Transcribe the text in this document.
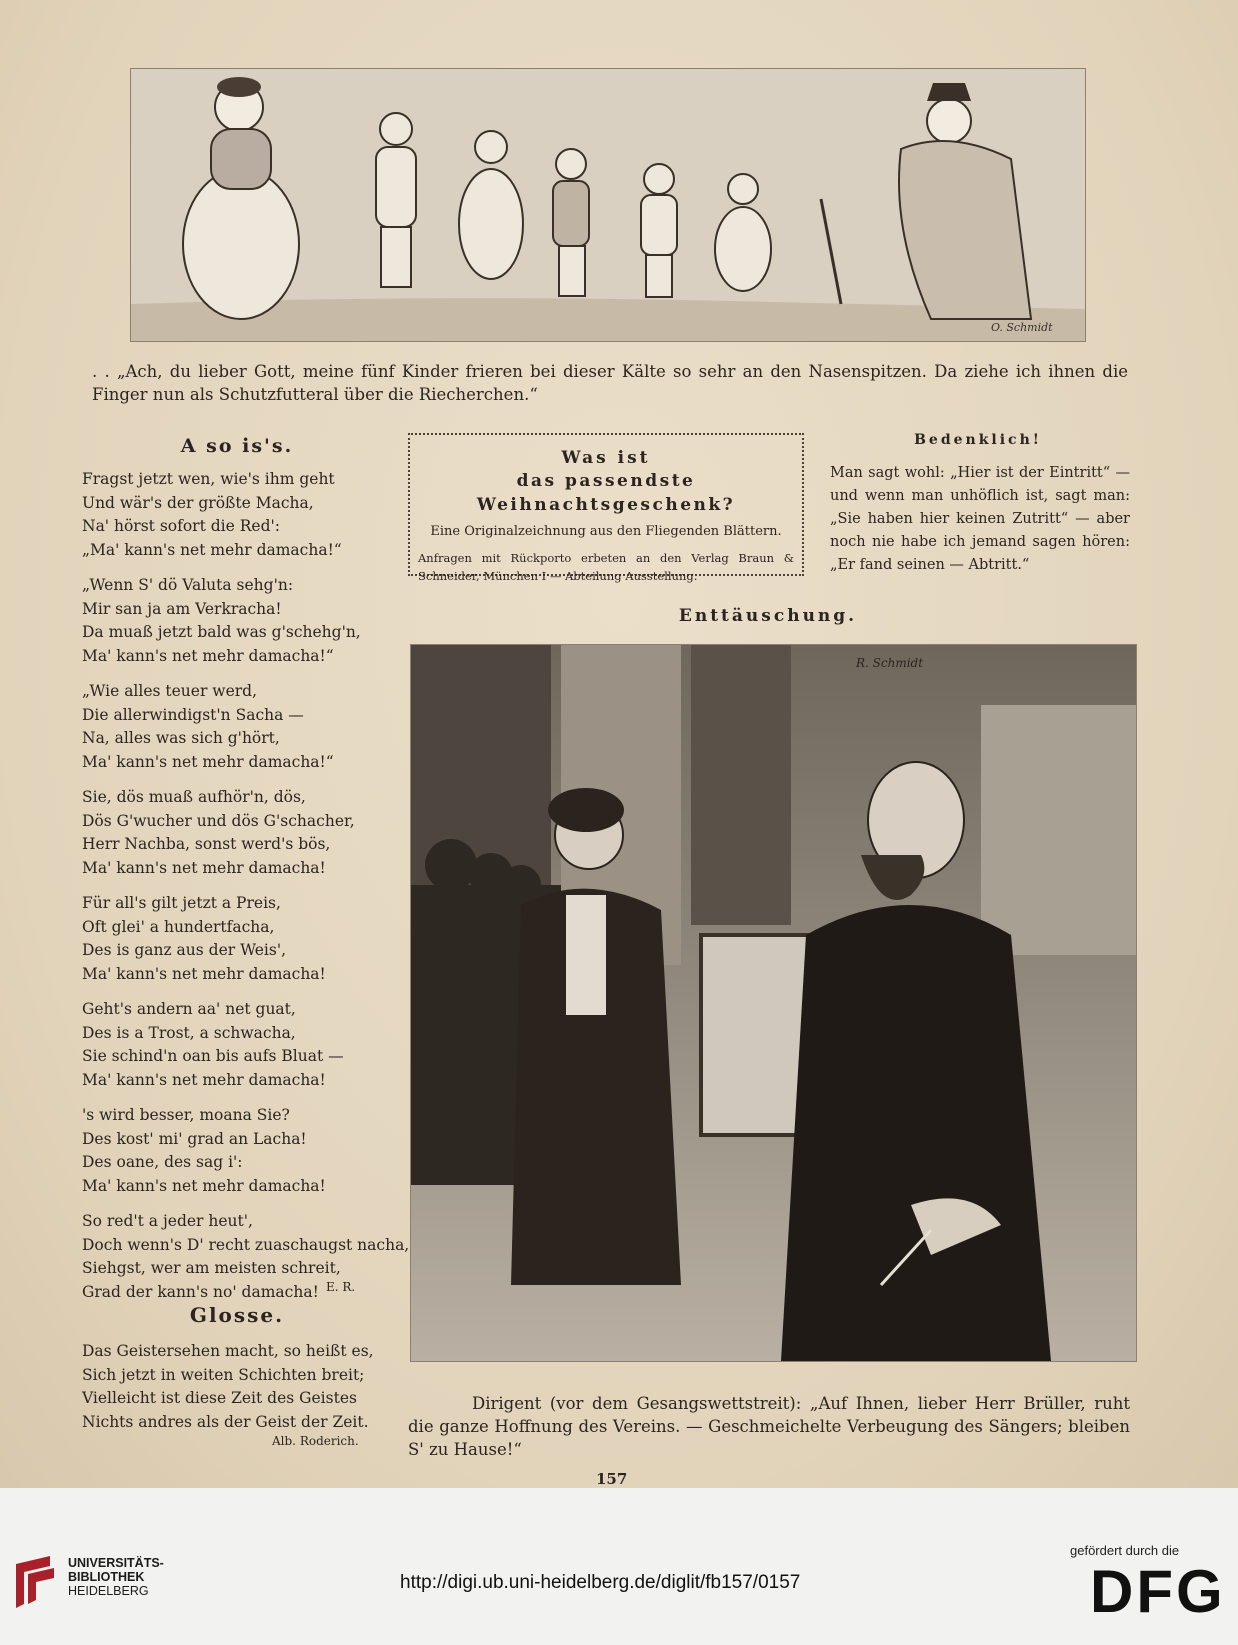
O. Schmidt
. . „Ach, du lieber Gott, meine fünf Kinder frieren bei dieser Kälte so sehr an den Nasenspitzen. Da ziehe ich ihnen die Finger nun als Schutzfutteral über die Riecherchen.“
A so is's.
Fragst jetzt wen, wie's ihm geht
Und wär's der größte Macha,
Na' hörst sofort die Red':
„Ma' kann's net mehr damacha!“
„Wenn S' dö Valuta sehg'n:
Mir san ja am Verkracha!
Da muaß jetzt bald was g'schehg'n,
Ma' kann's net mehr damacha!“
„Wie alles teuer werd,
Die allerwindigst'n Sacha —
Na, alles was sich g'hört,
Ma' kann's net mehr damacha!“
Sie, dös muaß aufhör'n, dös,
Dös G'wucher und dös G'schacher,
Herr Nachba, sonst werd's bös,
Ma' kann's net mehr damacha!
Für all's gilt jetzt a Preis,
Oft glei' a hundertfacha,
Des is ganz aus der Weis',
Ma' kann's net mehr damacha!
Geht's andern aa' net guat,
Des is a Trost, a schwacha,
Sie schind'n oan bis aufs Bluat —
Ma' kann's net mehr damacha!
's wird besser, moana Sie?
Des kost' mi' grad an Lacha!
Des oane, des sag i':
Ma' kann's net mehr damacha!
So red't a jeder heut',
Doch wenn's D' recht zuaschaugst nacha,
Siehgst, wer am meisten schreit,
Grad der kann's no' damacha! E. R.
Glosse.
Das Geistersehen macht, so heißt es,
Sich jetzt in weiten Schichten breit;
Vielleicht ist diese Zeit des Geistes
Nichts andres als der Geist der Zeit.
Alb. Roderich.
Was ist
das passendste Weihnachtsgeschenk?
Eine Originalzeichnung aus den Fliegenden Blättern.
Anfragen mit Rückporto erbeten an den Verlag Braun & Schneider, München I — Abteilung Ausstellung.
Bedenklich!
Man sagt wohl: „Hier ist der Eintritt“ — und wenn man unhöflich ist, sagt man: „Sie haben hier keinen Zutritt“ — aber noch nie habe ich jemand sagen hören: „Er fand seinen — Abtritt.“
Enttäuschung.
R. Schmidt
Dirigent (vor dem Gesangswettstreit): „Auf Ihnen, lieber Herr Brüller, ruht die ganze Hoffnung des Vereins. — Geschmeichelte Verbeugung des Sängers; bleiben S' zu Hause!“
157
UNIVERSITÄTS-
BIBLIOTHEK
HEIDELBERG	http://digi.ub.uni-heidelberg.de/diglit/fb157/0157
gefördert durch die
DFG
